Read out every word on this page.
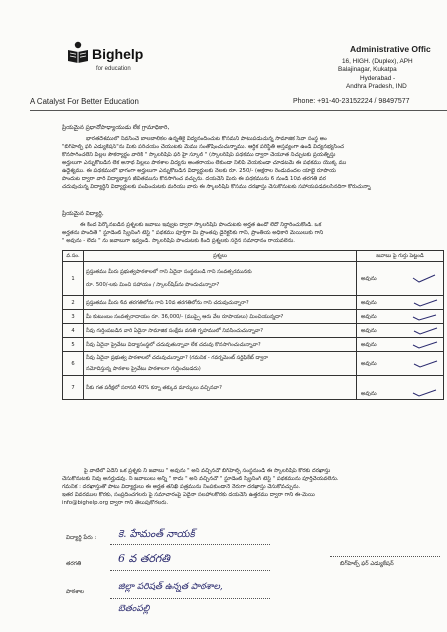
Bighelp
for education
A Catalyst For Better Education
Administrative Offic
16, HIGH. (Duplex), APH
Balajinagar, Kukatpa
Hyderabad -
Andhra Pradesh, IND
Phone: +91-40-23152224 / 98497577
ప్రియమైన ప్రధానోపాధ్యాయుడు లేక గ్రామాధికారి,
భారతదేశములో నివసించే బాలబాలికల ఉన్నతికై విద్యనందించుట కోసమని పాటుపడుచున్న సామాజిక సేవా సంస్థ అం
"బిగ్‌హెల్ప్ ఫర్ ఎడ్యుకేషన్"ను మీకు పరిచయం చేయుటకు మేము సంతోషించుచున్నాము. ఆర్థిక పరిస్థితి అస్తవ్యంగా ఉండి విద్యనభ్యసించ
కొనసాగించలేని పిల్లల సౌకర్యార్థం వారికి " స్కాలర్‌షిప్ ఫర్ హై స్కూల్ " (స్కాలర్‌షిప్ పథకము ద్వారా చేయూత నిచ్చుటకు ప్రయత్నిస్తు
అర్హులుగా ఎన్నుకోబడిన లేక అనాథ పిల్లలు పాఠశాల విద్యను అంతరాయం లేకుండా నిలిపి వేయకుండా చూడటమే ఈ పథకము యొక్క ము
ఉద్దేశ్యము. ఈ పథకములో భాగంగా అర్హులుగా ఎన్నుకోబడిన విద్యార్థులకు నెలకు రూ. 250/- (అక్షరాల రెండువందల యాభై రూపాయ
పొందుట ద్వారా వారి విద్యాభ్యాస జీవితమును కొనసాగించ వచ్చును. దయచేసి మీరు ఈ పథకమును 6 నుండి 10వ తరగతి వర
చదువుచున్న విద్యార్థినీ విద్యార్థులకు పంపించుటకు మరియు వారు ఈ స్కాలర్‌షిప్ కోసము దరఖాస్తు చేసుకొనుటకు సహాయపడవలసినదిగా కోరుచున్నా
ప్రియమైన విద్యార్థి,
ఈ కింద పేర్కొనబడిన ప్రశ్నలకు జవాబు ఇవ్వుట ద్వారా స్కాలర్‌షిప్ పొందుటకు అర్హత ఉందో లేదో నిర్ధారించుకోండి. ఒక
అర్హతను పొందితే " స్టూడెంట్ స్క్రీనింగ్ టెస్ట్ " పథకము పూర్తిగా మీ ప్రాంతపు డైరెక్టర్‌కు గాని, ప్రాంతీయ అధికారి మెయిలుకు గాని
" అవును - లేదు " ను జవాబుగా ఇవ్వండి. స్కాలర్‌షిప్ పొందుటకు కింది ప్రశ్నలకు సరైన సమాధానం రాయవలెను.
వ.సం.	ప్రశ్నలు	జవాబు పై గుర్తు పెట్టండి
1	ప్రస్తుతము మీరు ప్రభుత్వపాఠశాలలో గాని ఏదైనా సంస్థనుండి గాని సంవత్సరమునకు
రూ. 500/-లకు మించి సహాయం / స్కాలర్‌షిప్‌ను పొందుచున్నారా?	అవును

2	ప్రస్తుతము మీరు 6వ తరగతిలోను గాని 10వ తరగతిలోను గాని చదువుచున్నారా?	అవును

3	మీ కుటుంబం సంవత్సరాదాయం రూ. 36,000/- (ముప్పై ఆరు వేల రూపాయలు) మించియున్నదా?	అవును

4	నీవు గుర్తింపబడిన వారి ఏదైనా సామాజిక సంక్షేమ వసతి గృహములో నివసించుచున్నావా?	అవును

5	నీవు ఏదైనా ప్రైవేటు విద్యాసంస్థలో చదువుతున్నావా లేక చదువు కొనసాగించుచున్నావా?	అవును

6	నీవు ఏదైనా ప్రభుత్వ పాఠశాలలో చదువుచున్నావా? (గమనిక - గవర్నమెంట్ సర్టిఫికేట్ ద్వారా
నమోదిస్తున్న పాఠశాల ప్రైవేటు పాఠశాలగా గుర్తించబడదు)	అవును

7	నీకు గత పరీక్షలో సరాసరి 40% కన్నా తక్కువ మార్కులు వచ్చినవా?	అవును
పై వాటిలో ఏదేని ఒక ప్రశ్నకు నీ జవాబు " అవును " అని వచ్చినచో బిగ్‌హెల్ప్ సంస్థనుండి ఈ స్కాలర్‌షిప్ కొరకు దరఖాస్తు
చేసుకొనుటకు నీవు అనర్హుడవు. నీ జవాబులు అన్నీ " కాదు " అని వచ్చినచో " స్టూడెంట్ స్క్రీనింగ్ టెస్ట్ " పథకమును పూర్తిచేయవలెను.
గమనిక : దరఖాస్తుతో పాటు విద్యార్థులు ఈ అర్హత తనిఖీ పత్రమును నింపకుండానే నేరుగా దరఖాస్తు చేసుకోవచ్చును.
ఇతర వివరముల కొరకు, సంప్రదించగలరు పై సమాచారంపై ఏదైనా సలహాలకొరకు దయచేసి ఉత్తరము ద్వారా గాని ఈ-మెయి
info@bighelp.org ద్వారా గాని తెలుపుకోగలరు.
విద్యార్థి పేరు : కె. హేమంత్ నాయక్
తరగతి	6 వ తరగతి
పాఠశాల	జిల్లా పరిషత్ ఉన్నత పాఠశాల,
బెతంపల్లి
బిగ్‌హెల్ప్ ఫర్ ఎడ్యుకేషన్
